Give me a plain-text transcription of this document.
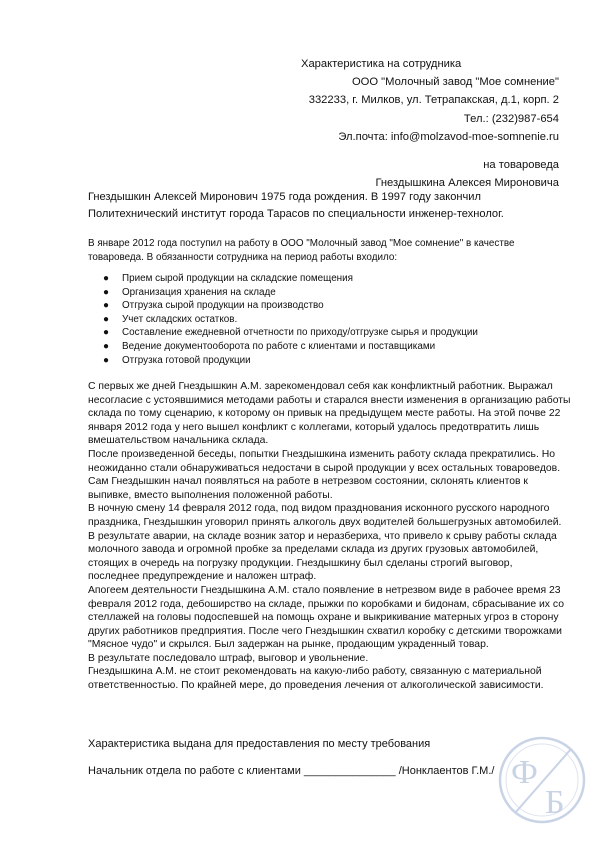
Характеристика на сотрудника
ООО "Молочный завод "Мое сомнение"
332233, г. Милков, ул. Тетрапакская, д.1, корп. 2
Тел.: (232)987-654
Эл.почта: info@molzavod-moe-somnenie.ru
на товароведа
Гнездышкина Алексея Мироновича
Гнездышкин Алексей Миронович 1975 года рождения. В 1997 году закончил
Политехнический институт города Тарасов по специальности инженер-технолог.
В январе 2012 года поступил на работу в ООО "Молочный завод "Мое сомнение" в качестве
товароведа. В обязанности сотрудника на период работы входило:
● Прием сырой продукции на складские помещения
● Организация хранения на складе
● Отгрузка сырой продукции на производство
● Учет складских остатков.
● Составление ежедневной отчетности по приходу/отгрузке сырья и продукции
● Ведение документооборота по работе с клиентами и поставщиками
● Отгрузка готовой продукции
С первых же дней Гнездышкин А.М. зарекомендовал себя как конфликтный работник. Выражал
несогласие с устоявшимися методами работы и старался внести изменения в организацию работы
склада по тому сценарию, к которому он привык на предыдущем месте работы. На этой почве 22
января 2012 года у него вышел конфликт с коллегами, который удалось предотвратить лишь
вмешательством начальника склада.
После произведенной беседы, попытки Гнездышкина изменить работу склада прекратились. Но
неожиданно стали обнаруживаться недостачи в сырой продукции у всех остальных товароведов.
Сам Гнездышкин начал появляться на работе в нетрезвом состоянии, склонять клиентов к
выпивке, вместо выполнения положенной работы.
В ночную смену 14 февраля 2012 года, под видом празднования исконного русского народного
праздника, Гнездышкин уговорил принять алкоголь двух водителей большегрузных автомобилей.
В результате аварии, на складе возник затор и неразбериха, что привело к срыву работы склада
молочного завода и огромной пробке за пределами склада из других грузовых автомобилей,
стоящих в очередь на погрузку продукции. Гнездышкину был сделаны строгий выговор,
последнее предупреждение и наложен штраф.
Апогеем деятельности Гнездышкина А.М. стало появление в нетрезвом виде в рабочее время 23
февраля 2012 года, дебоширство на складе, прыжки по коробками и бидонам, сбрасывание их со
стеллажей на головы подоспевшей на помощь охране и выкрикивание матерных угроз в сторону
других работников предприятия. После чего Гнездышкин схватил коробку с детскими творожками
"Мясное чудо" и скрылся. Был задержан на рынке, продающим украденный товар.
В результате последовало штраф, выговор и увольнение.
Гнездышкина А.М. не стоит рекомендовать на какую-либо работу, связанную с материальной
ответственностью. По крайней мере, до проведения лечения от алкоголической зависимости.
Характеристика выдана для предоставления по месту требования
Начальник отдела по работе с клиентами _______________ /Нонклаентов Г.М./ Ф
Б
